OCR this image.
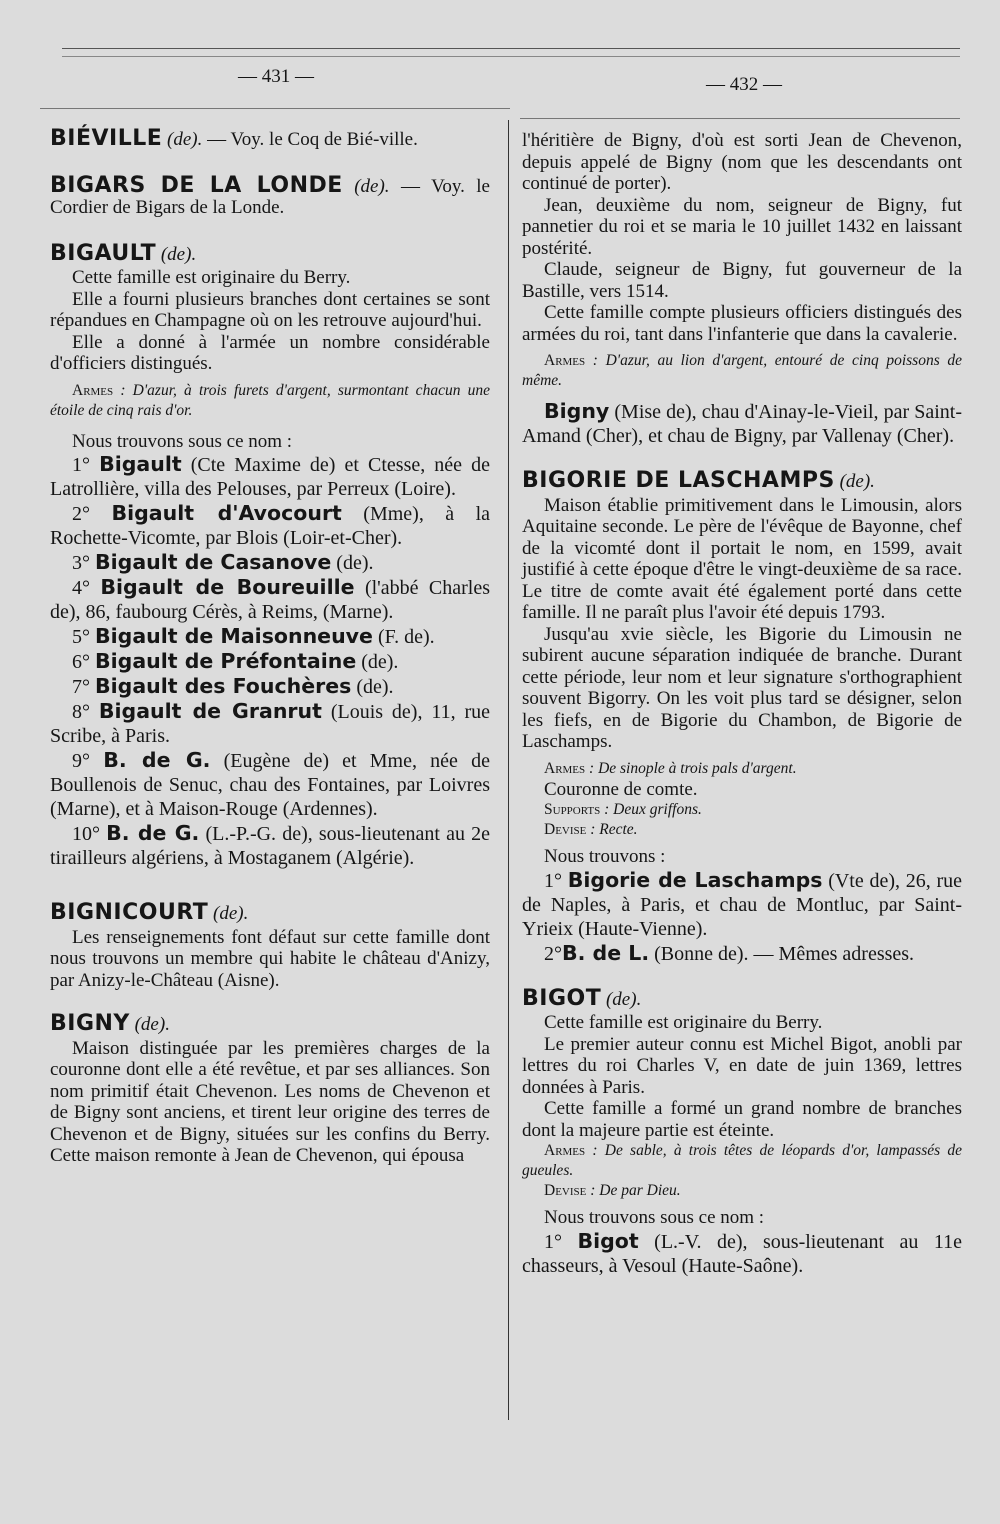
— 431 —	— 432 —

BIÉVILLE (de). — Voy. le Coq de Bié-ville.

BIGARS DE LA LONDE (de). — Voy. le Cordier de Bigars de la Londe.

BIGAULT (de).

Cette famille est originaire du Berry.

Elle a fourni plusieurs branches dont certaines se sont répandues en Champagne où on les retrouve aujourd'hui.

Elle a donné à l'armée un nombre considérable d'officiers distingués.

Armes : D'azur, à trois furets d'argent, surmontant chacun une étoile de cinq rais d'or.

Nous trouvons sous ce nom :

1° Bigault (Cte Maxime de) et Ctesse, née de Latrollière, villa des Pelouses, par Perreux (Loire).

2° Bigault d'Avocourt (Mme), à la Rochette-Vicomte, par Blois (Loir-et-Cher).

3° Bigault de Casanove (de).

4° Bigault de Boureuille (l'abbé Charles de), 86, faubourg Cérès, à Reims, (Marne).

5° Bigault de Maisonneuve (F. de).

6° Bigault de Préfontaine (de).

7° Bigault des Fouchères (de).

8° Bigault de Granrut (Louis de), 11, rue Scribe, à Paris.

9° B. de G. (Eugène de) et Mme, née de Boullenois de Senuc, chau des Fontaines, par Loivres (Marne), et à Maison-Rouge (Ardennes).

10° B. de G. (L.-P.-G. de), sous-lieutenant au 2e tirailleurs algériens, à Mostaganem (Algérie).

BIGNICOURT (de).

Les renseignements font défaut sur cette famille dont nous trouvons un membre qui habite le château d'Anizy, par Anizy-le-Château (Aisne).

BIGNY (de).

Maison distinguée par les premières charges de la couronne dont elle a été revêtue, et par ses alliances. Son nom primitif était Chevenon. Les noms de Chevenon et de Bigny sont anciens, et tirent leur origine des terres de Chevenon et de Bigny, situées sur les confins du Berry. Cette maison remonte à Jean de Chevenon, qui épousa

l'héritière de Bigny, d'où est sorti Jean de Chevenon, depuis appelé de Bigny (nom que les descendants ont continué de porter).

Jean, deuxième du nom, seigneur de Bigny, fut pannetier du roi et se maria le 10 juillet 1432 en laissant postérité.

Claude, seigneur de Bigny, fut gouverneur de la Bastille, vers 1514.

Cette famille compte plusieurs officiers distingués des armées du roi, tant dans l'infanterie que dans la cavalerie.

Armes : D'azur, au lion d'argent, entouré de cinq poissons de même.

Bigny (Mise de), chau d'Ainay-le-Vieil, par Saint-Amand (Cher), et chau de Bigny, par Vallenay (Cher).

BIGORIE DE LASCHAMPS (de).

Maison établie primitivement dans le Limousin, alors Aquitaine seconde. Le père de l'évêque de Bayonne, chef de la vicomté dont il portait le nom, en 1599, avait justifié à cette époque d'être le vingt-deuxième de sa race. Le titre de comte avait été également porté dans cette famille. Il ne paraît plus l'avoir été depuis 1793.

Jusqu'au xvie siècle, les Bigorie du Limousin ne subirent aucune séparation indiquée de branche. Durant cette période, leur nom et leur signature s'orthographient souvent Bigorry. On les voit plus tard se désigner, selon les fiefs, en de Bigorie du Chambon, de Bigorie de Laschamps.

Armes : De sinople à trois pals d'argent.

Couronne de comte.

Supports : Deux griffons.

Devise : Recte.

Nous trouvons :

1° Bigorie de Laschamps (Vte de), 26, rue de Naples, à Paris, et chau de Montluc, par Saint-Yrieix (Haute-Vienne).

2°B. de L. (Bonne de). — Mêmes adresses.

BIGOT (de).

Cette famille est originaire du Berry.

Le premier auteur connu est Michel Bigot, anobli par lettres du roi Charles V, en date de juin 1369, lettres données à Paris.

Cette famille a formé un grand nombre de branches dont la majeure partie est éteinte.

Armes : De sable, à trois têtes de léopards d'or, lampassés de gueules.

Devise : De par Dieu.

Nous trouvons sous ce nom :

1° Bigot (L.-V. de), sous-lieutenant au 11e chasseurs, à Vesoul (Haute-Saône).
